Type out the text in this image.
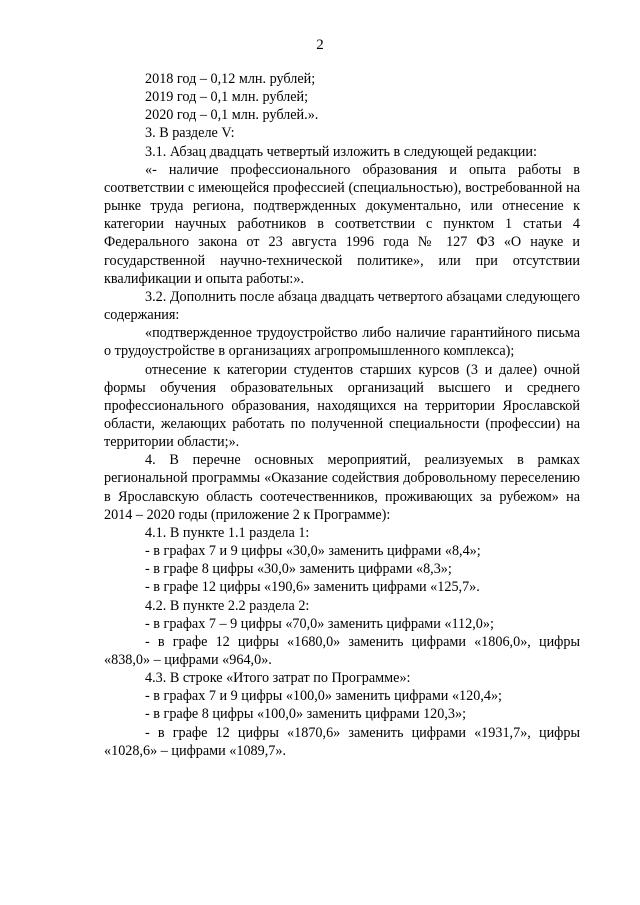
2

2018 год – 0,12 млн. рублей;

2019 год – 0,1 млн. рублей;

2020 год – 0,1 млн. рублей.».

3. В разделе V:

3.1. Абзац двадцать четвертый изложить в следующей редакции:

«- наличие профессионального образования и опыта работы в соответствии с имеющейся профессией (специальностью), востребованной на рынке труда региона, подтвержденных документально, или отнесение к категории научных работников в соответствии с пунктом 1 статьи 4 Федерального закона от 23 августа 1996 года № 127 ФЗ «О науке и государственной научно-технической политике», или при отсутствии квалификации и опыта работы:».

3.2. Дополнить после абзаца двадцать четвертого абзацами следующего содержания:

«подтвержденное трудоустройство либо наличие гарантийного письма о трудоустройстве в организациях агропромышленного комплекса);

отнесение к категории студентов старших курсов (3 и далее) очной формы обучения образовательных организаций высшего и среднего профессионального образования, находящихся на территории Ярославской области, желающих работать по полученной специальности (профессии) на территории области;».

4. В перечне основных мероприятий, реализуемых в рамках региональной программы «Оказание содействия добровольному переселению в Ярославскую область соотечественников, проживающих за рубежом» на 2014 – 2020 годы (приложение 2 к Программе):

4.1. В пункте 1.1 раздела 1:

- в графах 7 и 9 цифры «30,0» заменить цифрами «8,4»;

- в графе 8 цифры «30,0» заменить цифрами «8,3»;

- в графе 12 цифры «190,6» заменить цифрами «125,7».

4.2. В пункте 2.2 раздела 2:

- в графах 7 – 9 цифры «70,0» заменить цифрами «112,0»;

- в графе 12 цифры «1680,0» заменить цифрами «1806,0», цифры «838,0» – цифрами «964,0».

4.3. В строке «Итого затрат по Программе»:

- в графах 7 и 9 цифры «100,0» заменить цифрами «120,4»;

- в графе 8 цифры «100,0» заменить цифрами 120,3»;

- в графе 12 цифры «1870,6» заменить цифрами «1931,7», цифры «1028,6» – цифрами «1089,7».
